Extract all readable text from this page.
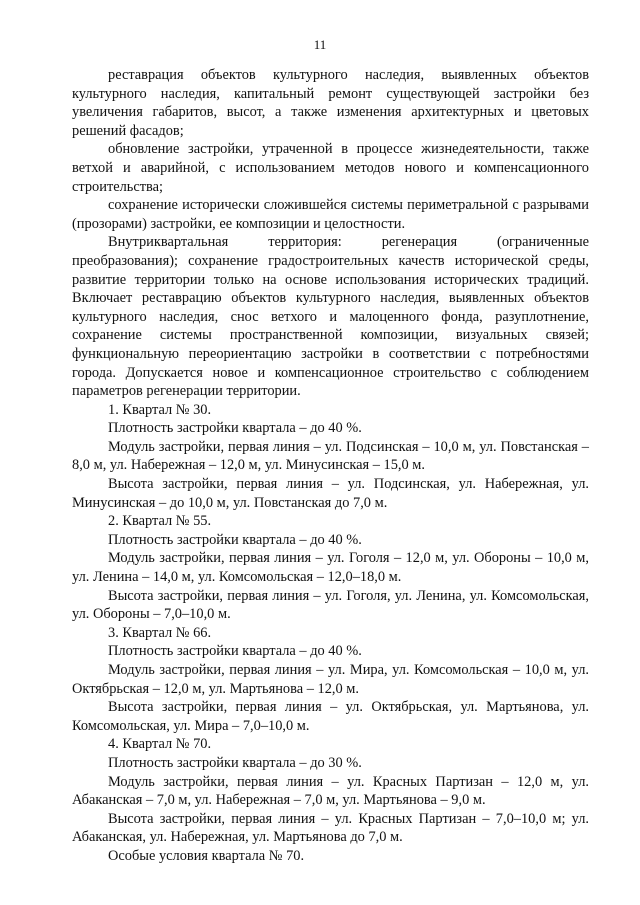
11

реставрация объектов культурного наследия, выявленных объектов культурного наследия, капитальный ремонт существующей застройки без увеличения габаритов, высот, а также изменения архитектурных и цветовых решений фасадов;

обновление застройки, утраченной в процессе жизнедеятельности, также ветхой и аварийной, с использованием методов нового и компенсационного строительства;

сохранение исторически сложившейся системы периметральной с разрывами (прозорами) застройки, ее композиции и целостности.

Внутриквартальная территория: регенерация (ограниченные преобразования); сохранение градостроительных качеств исторической среды, развитие территории только на основе использования исторических традиций. Включает реставрацию объектов культурного наследия, выявленных объектов культурного наследия, снос ветхого и малоценного фонда, разуплотнение, сохранение системы пространственной композиции, визуальных связей; функциональную переориентацию застройки в соответствии с потребностями города. Допускается новое и компенсационное строительство с соблюдением параметров регенерации территории.

1. Квартал № 30.

Плотность застройки квартала – до 40 %.

Модуль застройки, первая линия – ул. Подсинская – 10,0 м, ул. Повстанская – 8,0 м, ул. Набережная – 12,0 м, ул. Минусинская – 15,0 м.

Высота застройки, первая линия – ул. Подсинская, ул. Набережная, ул. Минусинская – до 10,0 м, ул. Повстанская до 7,0 м.

2. Квартал № 55.

Плотность застройки квартала – до 40 %.

Модуль застройки, первая линия – ул. Гоголя – 12,0 м, ул. Обороны – 10,0 м, ул. Ленина – 14,0 м, ул. Комсомольская – 12,0–18,0 м.

Высота застройки, первая линия – ул. Гоголя, ул. Ленина, ул. Комсомольская, ул. Обороны – 7,0–10,0 м.

3. Квартал № 66.

Плотность застройки квартала – до 40 %.

Модуль застройки, первая линия – ул. Мира, ул. Комсомольская – 10,0 м, ул. Октябрьская – 12,0 м, ул. Мартьянова – 12,0 м.

Высота застройки, первая линия – ул. Октябрьская, ул. Мартьянова, ул. Комсомольская, ул. Мира – 7,0–10,0 м.

4. Квартал № 70.

Плотность застройки квартала – до 30 %.

Модуль застройки, первая линия – ул. Красных Партизан – 12,0 м, ул. Абаканская – 7,0 м, ул. Набережная – 7,0 м, ул. Мартьянова – 9,0 м.

Высота застройки, первая линия – ул. Красных Партизан – 7,0–10,0 м; ул. Абаканская, ул. Набережная, ул. Мартьянова до 7,0 м.

Особые условия квартала № 70.
